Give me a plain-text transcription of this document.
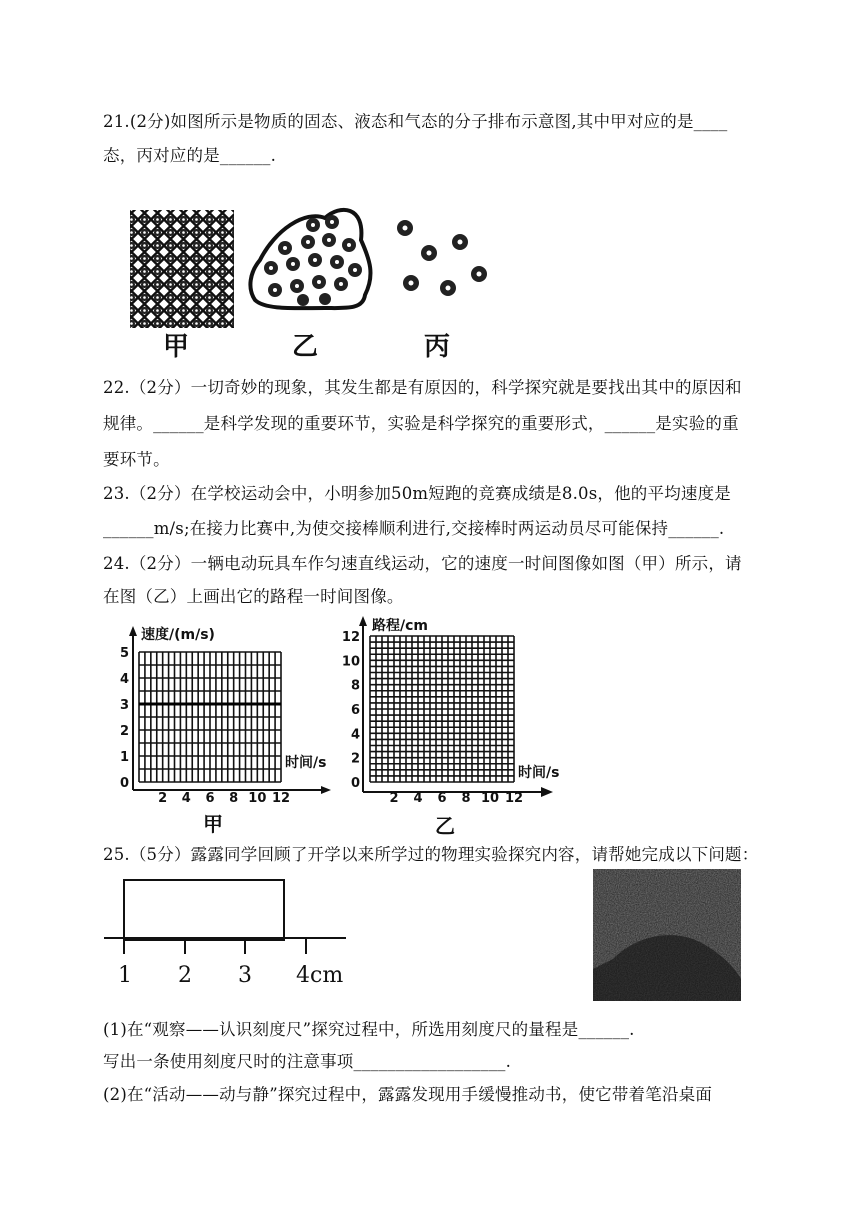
21.(2分)如图所示是物质的固态、液态和气态的分子排布示意图,其中甲对应的是____
态，丙对应的是______.
甲	乙	丙
22.（2分）一切奇妙的现象，其发生都是有原因的，科学探究就是要找出其中的原因和
规律。______是科学发现的重要环节，实验是科学探究的重要形式，______是实验的重
要环节。
23.（2分）在学校运动会中，小明参加50m短跑的竞赛成绩是8.0s，他的平均速度是
______m/s;在接力比赛中,为使交接棒顺利进行,交接棒时两运动员尽可能保持______.
24.（2分）一辆电动玩具车作匀速直线运动，它的速度一时间图像如图（甲）所示，请
在图（乙）上画出它的路程一时间图像。
速度/(m/s)
时间/s
2 4 6 8 10 12
0
1
2
3
4
5
甲
路程/cm
时间/s
2 4 6 8 10 12
0
2
4
6
8
10
12
乙
25.（5分）露露同学回顾了开学以来所学过的物理实验探究内容，请帮她完成以下问题：
1 2 3 4cm
(1)在“观察——认识刻度尺”探究过程中，所选用刻度尺的量程是______.
写出一条使用刻度尺时的注意事项__________________.
(2)在“活动——动与静”探究过程中，露露发现用手缓慢推动书，使它带着笔沿桌面
